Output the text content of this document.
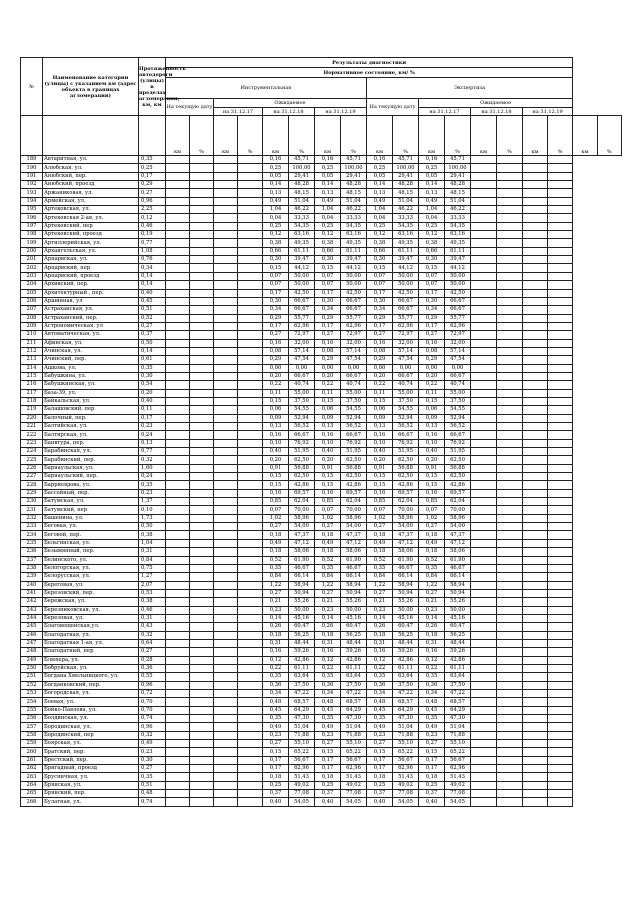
№	Наименование категории (улицы) с указанием км (адрес объекта в границах агломерации)	Протяженность автодороги (улицы) в пределах агломерации, км, км	Результаты диагностики																	
			Нормативное состояние, км/ %																	
			Инструментальная								Экспертиза									
			На текущую дату		Ожидаемое						На текущую дату		Ожидаемое							
					на 31.12.17		на 31.12.18		на 31.12.19				на 31.12.17		на 31.12.18		на 31.12.19			
			км	%	км	%	км	%	км	%	км	%	км	%	км	%	км	%	км	%
189	Автаритная, ул.	0,35					0,16	45,71	0,16	45,71	0,16	45,71	0,16	45,71						
190	Алюбская, ул.	0,25					0,25	100,00	0,25	100,00	0,25	100,00	0,25	100,00						
191	Анюбский, пер.	0,17					0,05	29,41	0,05	29,41	0,05	29,41	0,05	29,41						
192	Анюбский, проезд	0,29					0,14	48,28	0,14	48,28	0,14	48,28	0,14	48,28						
193	Аржаниковая, ул.	0,27					0,13	48,15	0,13	48,15	0,13	48,15	0,13	48,15						
194	Армейская, ул.	0,96					0,49	51,04	0,49	51,04	0,49	51,04	0,49	51,04						
195	Артековская, ул.	2,25					1,04	46,22	1,04	46,22	1,04	46,22	1,04	46,22						
196	Артековская 2-ая, ул.	0,12					0,04	33,33	0,04	33,33	0,04	33,33	0,04	33,33						
197	Артековский, пер	0,46					0,25	54,35	0,25	54,35	0,25	54,35	0,25	54,35						
198	Артековский, проезд	0,19					0,12	63,16	0,12	63,16	0,12	63,16	0,12	63,16						
199	Артиллерийская, ул.	0,77					0,38	49,35	0,38	49,35	0,38	49,35	0,38	49,35						
200	Архангельская, ул.	1,08					0,66	61,11	0,66	61,11	0,66	61,11	0,66	61,11						
201	Арцарвская, ул.	0,76					0,30	39,47	0,30	39,47	0,30	39,47	0,30	39,47						
202	Арцарвский, пер	0,34					0,15	44,12	0,15	44,12	0,15	44,12	0,15	44,12						
203	Арцарвский, проезд	0,14					0,07	50,00	0,07	50,00	0,07	50,00	0,07	50,00						
204	Архивский, пер.	0,14					0,07	50,00	0,07	50,00	0,07	50,00	0,07	50,00						
205	Архитектурный , пер.	0,40					0,17	42,50	0,17	42,50	0,17	42,50	0,17	42,50						
206	Аршинная, ул	0,45					0,30	66,67	0,30	66,67	0,30	66,67	0,30	66,67						
207	Астраханская, ул.	0,51					0,34	66,67	0,34	66,67	0,34	66,67	0,34	66,67						
208	Астраханский, пер.	0,52					0,29	55,77	0,29	55,77	0,29	55,77	0,29	55,77						
209	Астрономическая, ул	0,27					0,17	62,96	0,17	62,96	0,17	62,96	0,17	62,96						
210	Автоматическая, ул.	0,37					0,27	72,97	0,27	72,97	0,27	72,97	0,27	72,97						
211	Афинская, ул.	0,50					0,16	32,00	0,16	32,00	0,16	32,00	0,16	32,00						
212	Ачинская, ул.	0,14					0,08	57,14	0,08	57,14	0,08	57,14	0,08	57,14						
213	Ачинский, пер.	0,61					0,29	47,54	0,29	47,54	0,29	47,54	0,29	47,54						
214	Ашкова, ул.	0,35					0,00	0,00	0,00	0,00	0,00	0,00	0,00	0,00						
215	Бабушкина, ул.	0,30					0,20	66,67	0,20	66,67	0,20	66,67	0,20	66,67						
216	Бабушкинская, ул.	0,54					0,22	40,74	0,22	40,74	0,22	40,74	0,22	40,74						
217	База-39, ул.	0,20					0,11	55,00	0,11	55,00	0,11	55,00	0,11	55,00						
218	Байкальская, ул.	0,40					0,15	37,50	0,15	37,50	0,15	37,50	0,15	37,50						
219	Балашовский, пер	0,11					0,06	54,55	0,06	54,55	0,06	54,55	0,06	54,55						
220	Балочный, пер.	0,17					0,09	52,94	0,09	52,94	0,09	52,94	0,09	52,94						
221	Балтийская, ул.	0,23					0,13	56,52	0,13	56,52	0,13	56,52	0,13	56,52						
222	Балтирская, ул.	0,24					0,16	66,67	0,16	66,67	0,16	66,67	0,16	66,67						
223	Банвтура, пер.	0,13					0,10	76,92	0,10	76,92	0,10	76,92	0,10	76,92						
224	Барабинская, ул.	0,77					0,40	51,95	0,40	51,95	0,40	51,95	0,40	51,95						
225	Барабинский, пер.	0,32					0,20	62,50	0,20	62,50	0,20	62,50	0,20	62,50						
226	Барнаульская, ул.	1,60					0,91	56,88	0,91	56,88	0,91	56,88	0,91	56,88						
227	Барнаульский, пер.	0,24					0,15	62,50	0,15	62,50	0,15	62,50	0,15	62,50						
228	Барриевдова, ул.	0,35					0,15	42,86	0,15	42,86	0,15	42,86	0,15	42,86						
229	Бассейный, пер.	0,23					0,16	69,57	0,16	69,57	0,16	69,57	0,16	69,57						
230	Батумская, ул.	1,37					0,85	62,04	0,85	62,04	0,85	62,04	0,85	62,04						
231	Батумский, пер	0,10					0,07	70,00	0,07	70,00	0,07	70,00	0,07	70,00						
232	Башенина, ул.	1,73					1,02	58,96	1,02	58,96	1,02	58,96	1,02	58,96						
233	Беговая, ул.	0,50					0,27	54,00	0,27	54,00	0,27	54,00	0,27	54,00						
234	Беговой, пер.	0,38					0,18	47,37	0,18	47,37	0,18	47,37	0,18	47,37						
235	Бельгинская, ул.	1,04					0,49	47,12	0,49	47,12	0,49	47,12	0,49	47,12						
236	Безымянный, пер.	0,31					0,18	58,06	0,18	58,06	0,18	58,06	0,18	58,06						
237	Белинского, ул.	0,84					0,52	61,90	0,52	61,90	0,52	61,90	0,52	61,90						
238	Белогорская, ул.	0,75					0,35	46,67	0,35	46,67	0,35	46,67	0,35	46,67						
239	Белорусская, ул.	1,27					0,84	66,14	0,84	66,14	0,84	66,14	0,84	66,14						
240	Береговая, ул.	2,07					1,22	58,94	1,22	58,94	1,22	58,94	1,22	58,94						
241	Березовский, пер.	0,53					0,27	50,94	0,27	50,94	0,27	50,94	0,27	50,94						
242	Бережская, ул.	0,38					0,21	55,26	0,21	55,26	0,21	55,26	0,21	55,26						
243	Березниковская, ул.	0,46					0,23	50,00	0,23	50,00	0,23	50,00	0,23	50,00						
244	Березовая, ул.	0,31					0,14	45,16	0,14	45,16	0,14	45,16	0,14	45,16						
245	Благовещенская,ул.	0,43					0,26	60,47	0,26	60,47	0,26	60,47	0,26	60,47						
246	Благодатная, ул.	0,32					0,18	56,25	0,18	56,25	0,18	56,25	0,18	56,25						
247	Благодатная 1-ая, ул.	0,64					0,31	48,44	0,31	48,44	0,31	48,44	0,31	48,44						
248	Благодатный, пер	0,27					0,16	59,26	0,16	59,26	0,16	59,26	0,16	59,26						
249	Блюхера, ул.	0,28					0,12	42,86	0,12	42,86	0,12	42,86	0,12	42,86						
250	Бобруйская, ул.	0,36					0,22	61,11	0,22	61,11	0,22	61,11	0,22	61,11						
251	Богдана Хмельницкого, ул.	0,55					0,35	63,64	0,35	63,64	0,35	63,64	0,35	63,64						
252	Богданковский, пер.	0,96					0,36	37,50	0,36	37,50	0,36	37,50	0,36	37,50						
253	Богородская, ул.	0,72					0,34	47,22	0,34	47,22	0,34	47,22	0,34	47,22						
254	Боевая, ул.	0,70					0,48	68,57	0,48	68,57	0,48	68,57	0,48	68,57						
255	Бойко-Павлова, ул.	0,70					0,45	64,29	0,45	64,29	0,45	64,29	0,45	64,29						
256	Болдинская, ул.	0,74					0,35	47,30	0,35	47,30	0,35	47,30	0,35	47,30						
257	Бородинская, ул.	0,96					0,49	51,04	0,49	51,04	0,49	51,04	0,49	51,04						
258	Бородинский, пер	0,32					0,23	71,88	0,23	71,88	0,23	71,88	0,23	71,88						
259	Боярская, ул.	0,49					0,27	55,10	0,27	55,10	0,27	55,10	0,27	55,10						
260	Братский, пер.	0,23					0,15	65,22	0,15	65,22	0,15	65,22	0,15	65,22						
261	Брестский, пер.	0,30					0,17	56,67	0,17	56,67	0,17	56,67	0,17	56,67						
262	Бригадный, проезд	0,27					0,17	62,96	0,17	62,96	0,17	62,96	0,17	62,96						
263	Брусничная, ул.	0,35					0,18	51,43	0,18	51,43	0,18	51,43	0,18	51,43						
264	Брянская, ул.	0,51					0,25	49,02	0,25	49,02	0,25	49,02	0,25	49,02						
265	Брянский, пер.	0,48					0,37	77,08	0,37	77,08	0,37	77,08	0,37	77,08						
266	Булатная, ул.	0,74					0,40	54,05	0,40	54,05	0,40	54,05	0,40	54,05						
